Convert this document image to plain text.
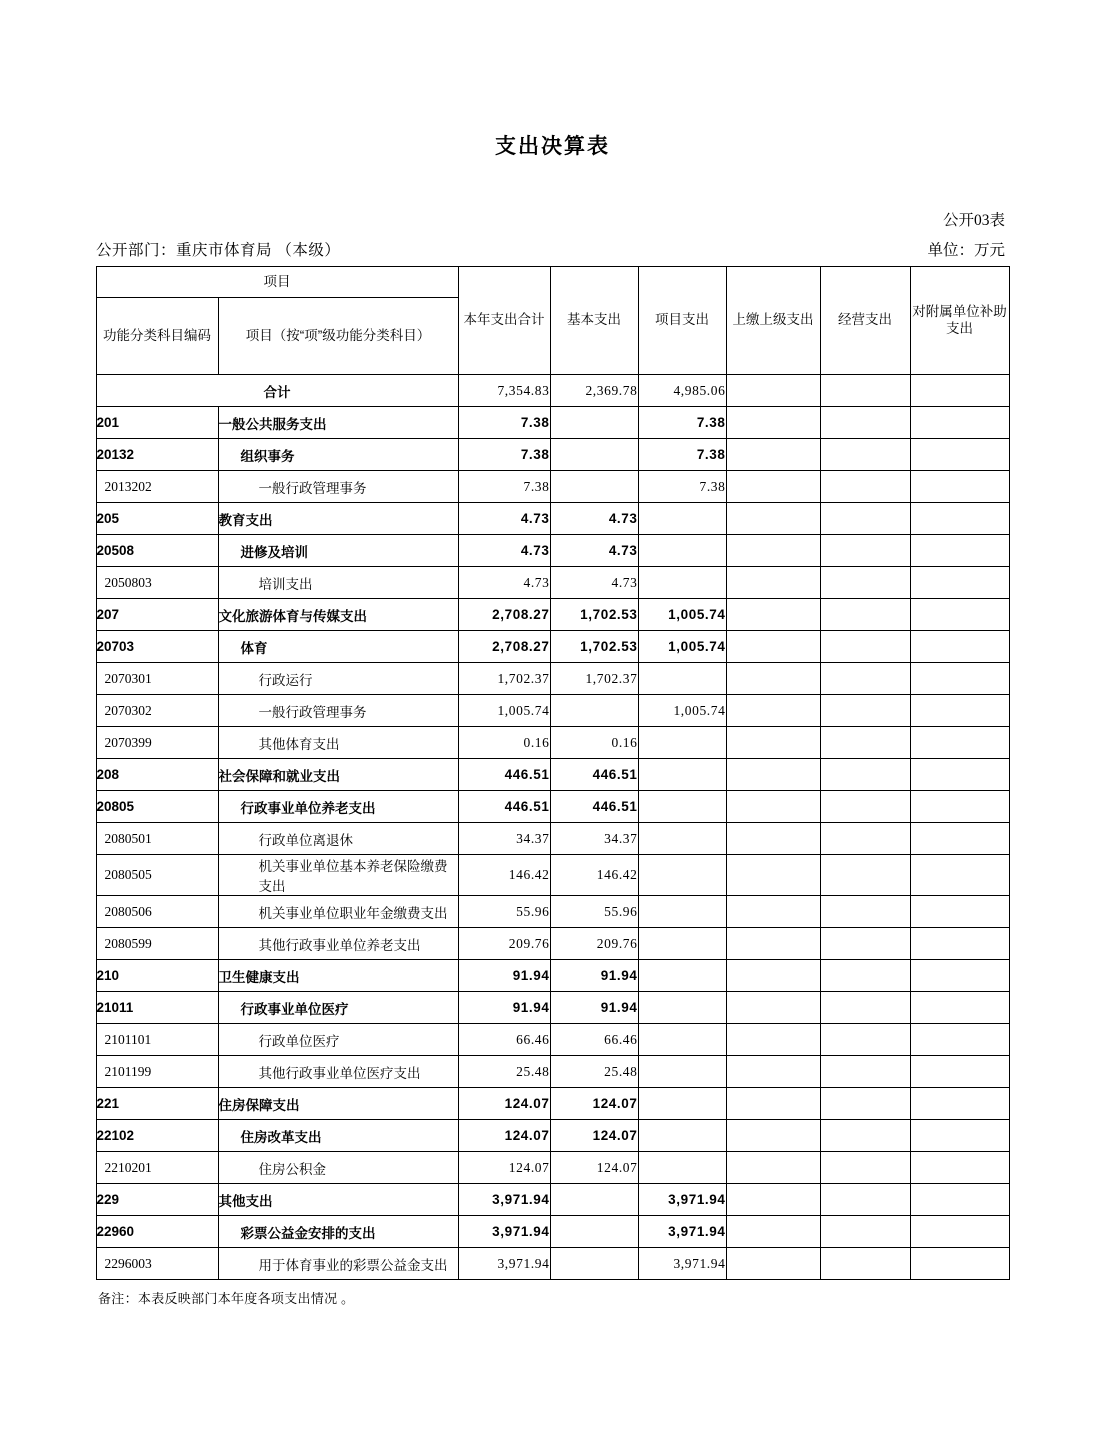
支出决算表
公开03表
公开部门：重庆市体育局 （本级）	单位：万元
项目		本年支出合计	基本支出	项目支出	上缴上级支出	经营支出	对附属单位补助支出
功能分类科目编码	项目（按“项”级功能分类科目）						
合计		7,354.83	2,369.78	4,985.06			
201	一般公共服务支出	7.38		7.38			
20132	组织事务	7.38		7.38			
2013202	一般行政管理事务	7.38		7.38			
205	教育支出	4.73	4.73				
20508	进修及培训	4.73	4.73				
2050803	培训支出	4.73	4.73				
207	文化旅游体育与传媒支出	2,708.27	1,702.53	1,005.74			
20703	体育	2,708.27	1,702.53	1,005.74			
2070301	行政运行	1,702.37	1,702.37				
2070302	一般行政管理事务	1,005.74		1,005.74			
2070399	其他体育支出	0.16	0.16				
208	社会保障和就业支出	446.51	446.51				
20805	行政事业单位养老支出	446.51	446.51				
2080501	行政单位离退休	34.37	34.37				
2080505	机关事业单位基本养老保险缴费支出	146.42	146.42				
2080506	机关事业单位职业年金缴费支出	55.96	55.96				
2080599	其他行政事业单位养老支出	209.76	209.76				
210	卫生健康支出	91.94	91.94				
21011	行政事业单位医疗	91.94	91.94				
2101101	行政单位医疗	66.46	66.46				
2101199	其他行政事业单位医疗支出	25.48	25.48				
221	住房保障支出	124.07	124.07				
22102	住房改革支出	124.07	124.07				
2210201	住房公积金	124.07	124.07				
229	其他支出	3,971.94		3,971.94			
22960	彩票公益金安排的支出	3,971.94		3,971.94			
2296003	用于体育事业的彩票公益金支出	3,971.94		3,971.94			
备注：本表反映部门本年度各项支出情况 。
